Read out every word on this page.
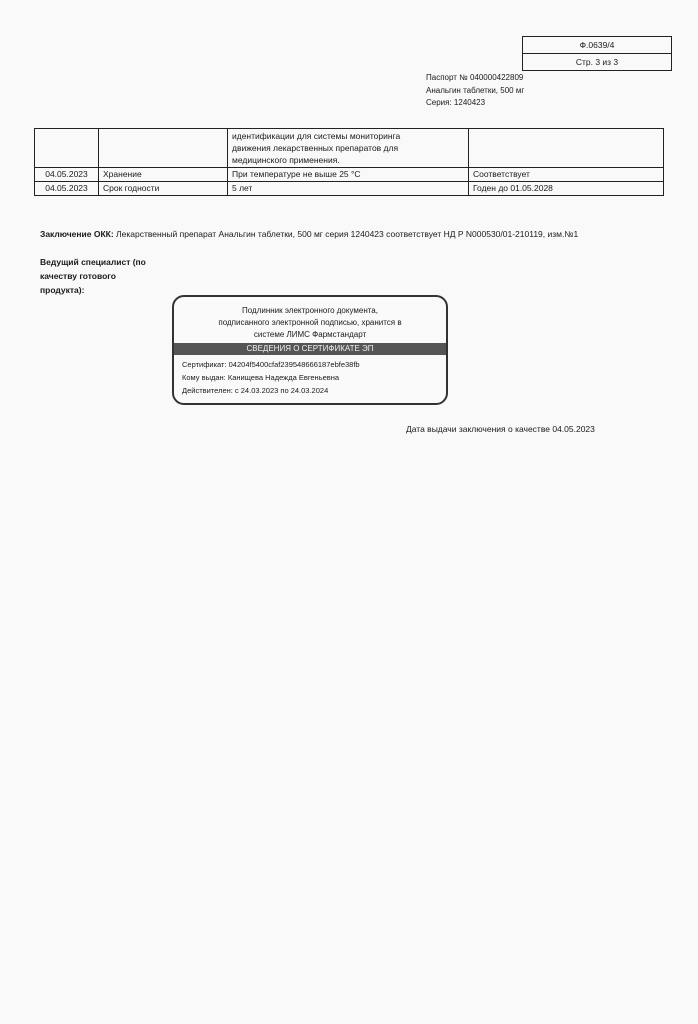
Ф.0639/4
Стр. 3 из 3
Паспорт № 040000422809
Анальгин таблетки, 500 мг
Серия: 1240423

		идентификации для системы мониторинга
движения лекарственных препаратов для
медицинского применения.	

04.05.2023	Хранение	При температуре не выше 25 °С	Соответствует
04.05.2023	Срок годности	5 лет	Годен до 01.05.2028
Заключение ОКК: Лекарственный препарат Анальгин таблетки, 500 мг серия 1240423 соответствует НД Р N000530/01-210119, изм.№1
Ведущий специалист (по
качеству готового
продукта):
Подлинник электронного документа,
подписанного электронной подписью, хранится в
системе ЛИМС Фармстандарт
СВЕДЕНИЯ О СЕРТИФИКАТЕ ЭП
Сертификат: 04204f5400cfaf239548666187ebfe38fb
Кому выдан: Канищева Надежда Евгеньевна
Действителен: с 24.03.2023 по 24.03.2024
Дата выдачи заключения о качестве 04.05.2023
